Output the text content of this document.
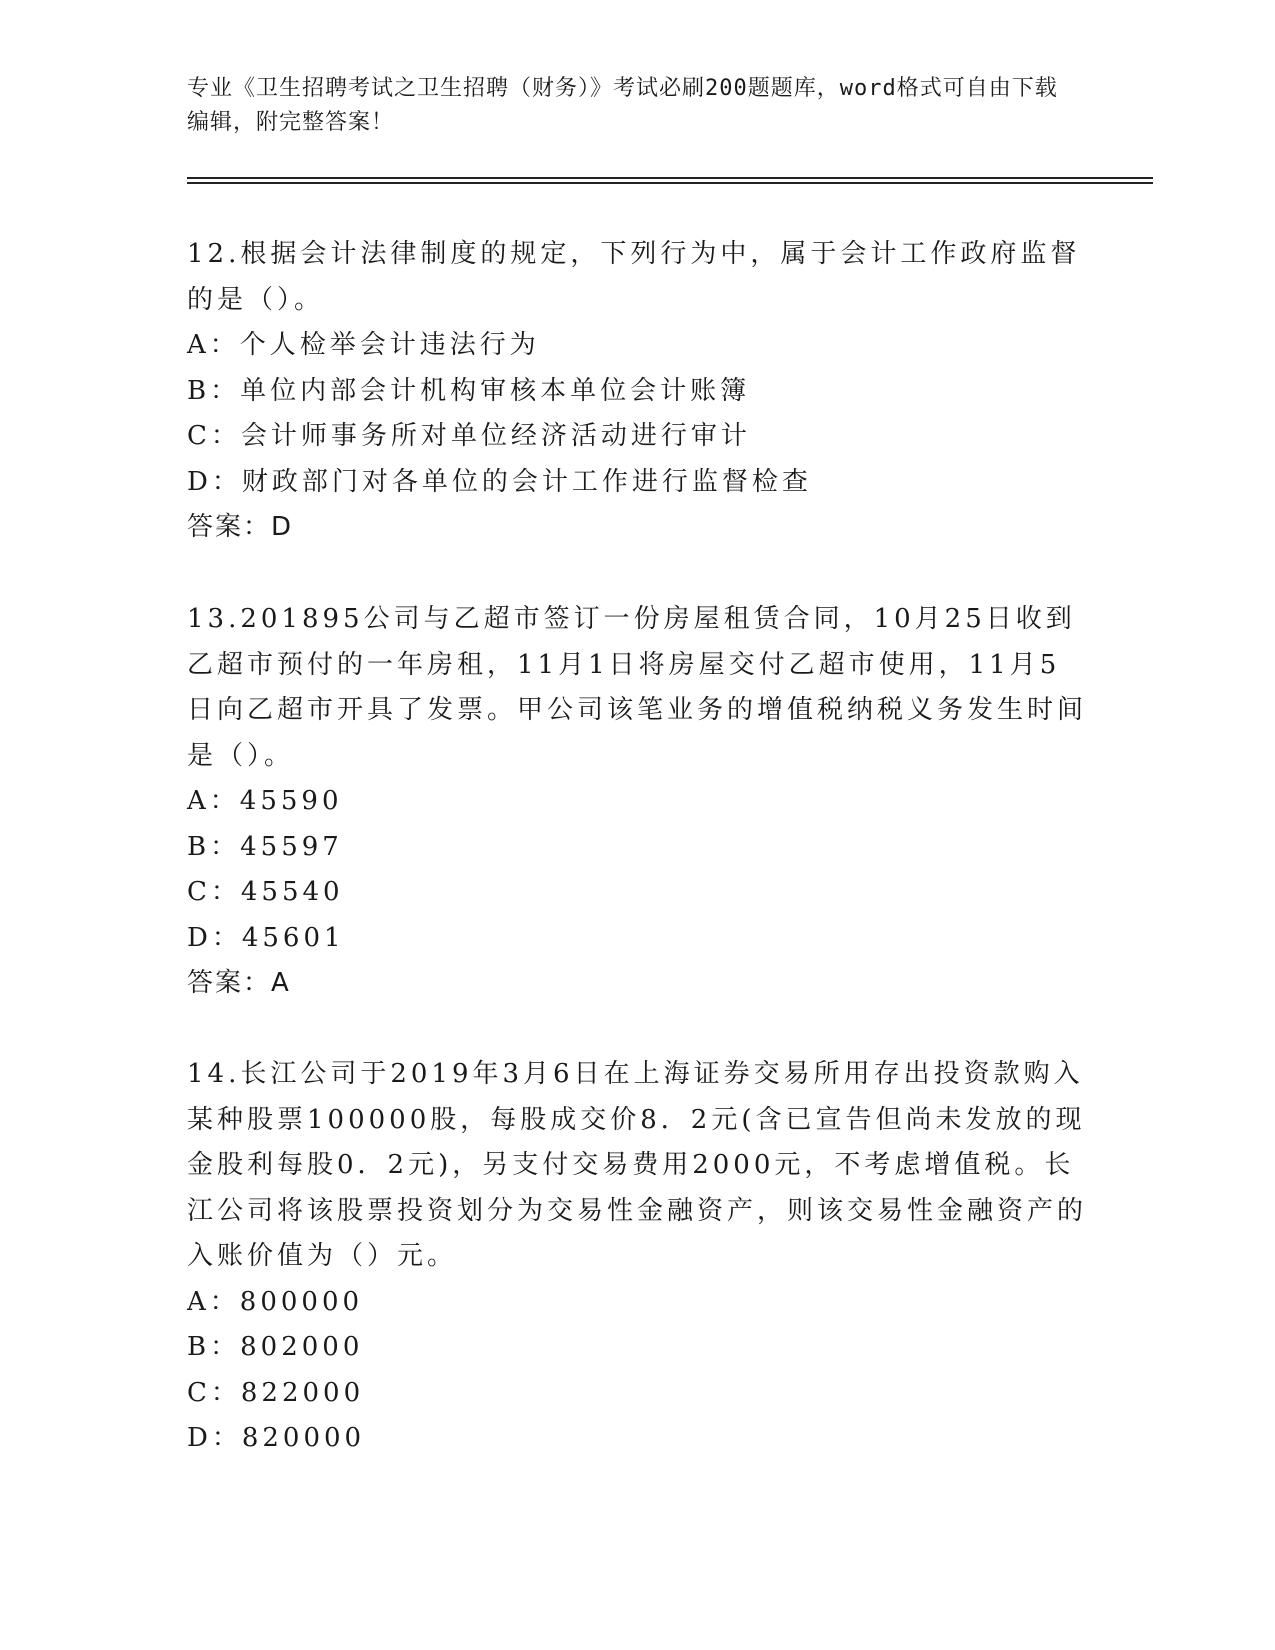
专业《卫生招聘考试之卫生招聘（财务）》考试必刷200题题库，word格式可自由下载编辑，附完整答案！

12.根据会计法律制度的规定，下列行为中，属于会计工作政府监督的是（）。

A：个人检举会计违法行为

B：单位内部会计机构审核本单位会计账簿

C：会计师事务所对单位经济活动进行审计

D：财政部门对各单位的会计工作进行监督检查

答案：D

13.201895公司与乙超市签订一份房屋租赁合同，10月25日收到乙超市预付的一年房租，11月1日将房屋交付乙超市使用，11月5日向乙超市开具了发票。甲公司该笔业务的增值税纳税义务发生时间是（）。

A：45590

B：45597

C：45540

D：45601

答案：A

14.长江公司于2019年3月6日在上海证券交易所用存出投资款购入某种股票100000股，每股成交价8．2元(含已宣告但尚未发放的现金股利每股0．2元)，另支付交易费用2000元，不考虑增值税。长江公司将该股票投资划分为交易性金融资产，则该交易性金融资产的入账价值为（）元。

A：800000

B：802000

C：822000

D：820000
